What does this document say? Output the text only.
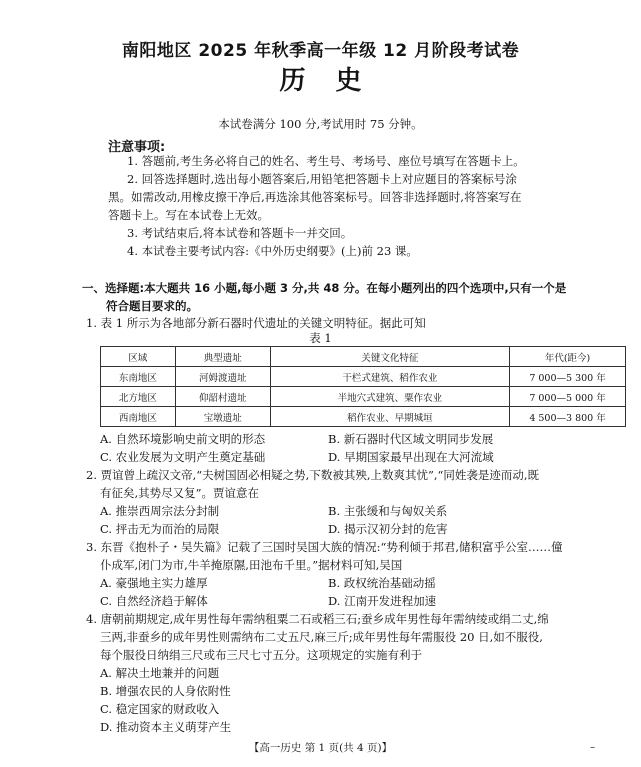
南阳地区 2025 年秋季高一年级 12 月阶段考试卷
历史
本试卷满分 100 分,考试用时 75 分钟。
注意事项:
1. 答题前,考生务必将自己的姓名、考生号、考场号、座位号填写在答题卡上。
2. 回答选择题时,选出每小题答案后,用铅笔把答题卡上对应题目的答案标号涂
黑。如需改动,用橡皮擦干净后,再选涂其他答案标号。回答非选择题时,将答案写在
答题卡上。写在本试卷上无效。
3. 考试结束后,将本试卷和答题卡一并交回。
4. 本试卷主要考试内容:《中外历史纲要》(上)前 23 课。
一、选择题:本大题共 16 小题,每小题 3 分,共 48 分。在每小题列出的四个选项中,只有一个是
符合题目要求的。
1. 表 1 所示为各地部分新石器时代遗址的关键文明特征。据此可知
表 1
区域	典型遗址	关键文化特征	年代(距今)
东南地区	河姆渡遗址	干栏式建筑、稻作农业	7 000—5 300 年
北方地区	仰韶村遗址	半地穴式建筑、粟作农业	7 000—5 000 年
西南地区	宝墩遗址	稻作农业、早期城垣	4 500—3 800 年
A. 自然环境影响史前文明的形态	B. 新石器时代区域文明同步发展
C. 农业发展为文明产生奠定基础	D. 早期国家最早出现在大河流域
2. 贾谊曾上疏汉文帝,“夫树国固必相疑之势,下数被其殃,上数爽其忧”,“同姓袭是迹而动,既
有征矣,其势尽又复”。贾谊意在
A. 推崇西周宗法分封制	B. 主张缓和与匈奴关系
C. 抨击无为而治的局限	D. 揭示汉初分封的危害
3. 东晋《抱朴子・吴失篇》记载了三国时吴国大族的情况:“势利倾于邦君,储积富乎公室……僮
仆成军,闭门为市,牛羊掩原隰,田池布千里。”据材料可知,吴国
A. 豪强地主实力雄厚	B. 政权统治基础动摇
C. 自然经济趋于解体	D. 江南开发进程加速
4. 唐朝前期规定,成年男性每年需纳租粟二石或稻三石;蚕乡成年男性每年需纳绫或绢二丈,绵
三两,非蚕乡的成年男性则需纳布二丈五尺,麻三斤;成年男性每年需服役 20 日,如不服役,
每个服役日纳绢三尺或布三尺七寸五分。这项规定的实施有利于
A. 解决土地兼并的问题
B. 增强农民的人身依附性
C. 稳定国家的财政收入
D. 推动资本主义萌芽产生
【高一历史 第 1 页(共 4 页)】	–
